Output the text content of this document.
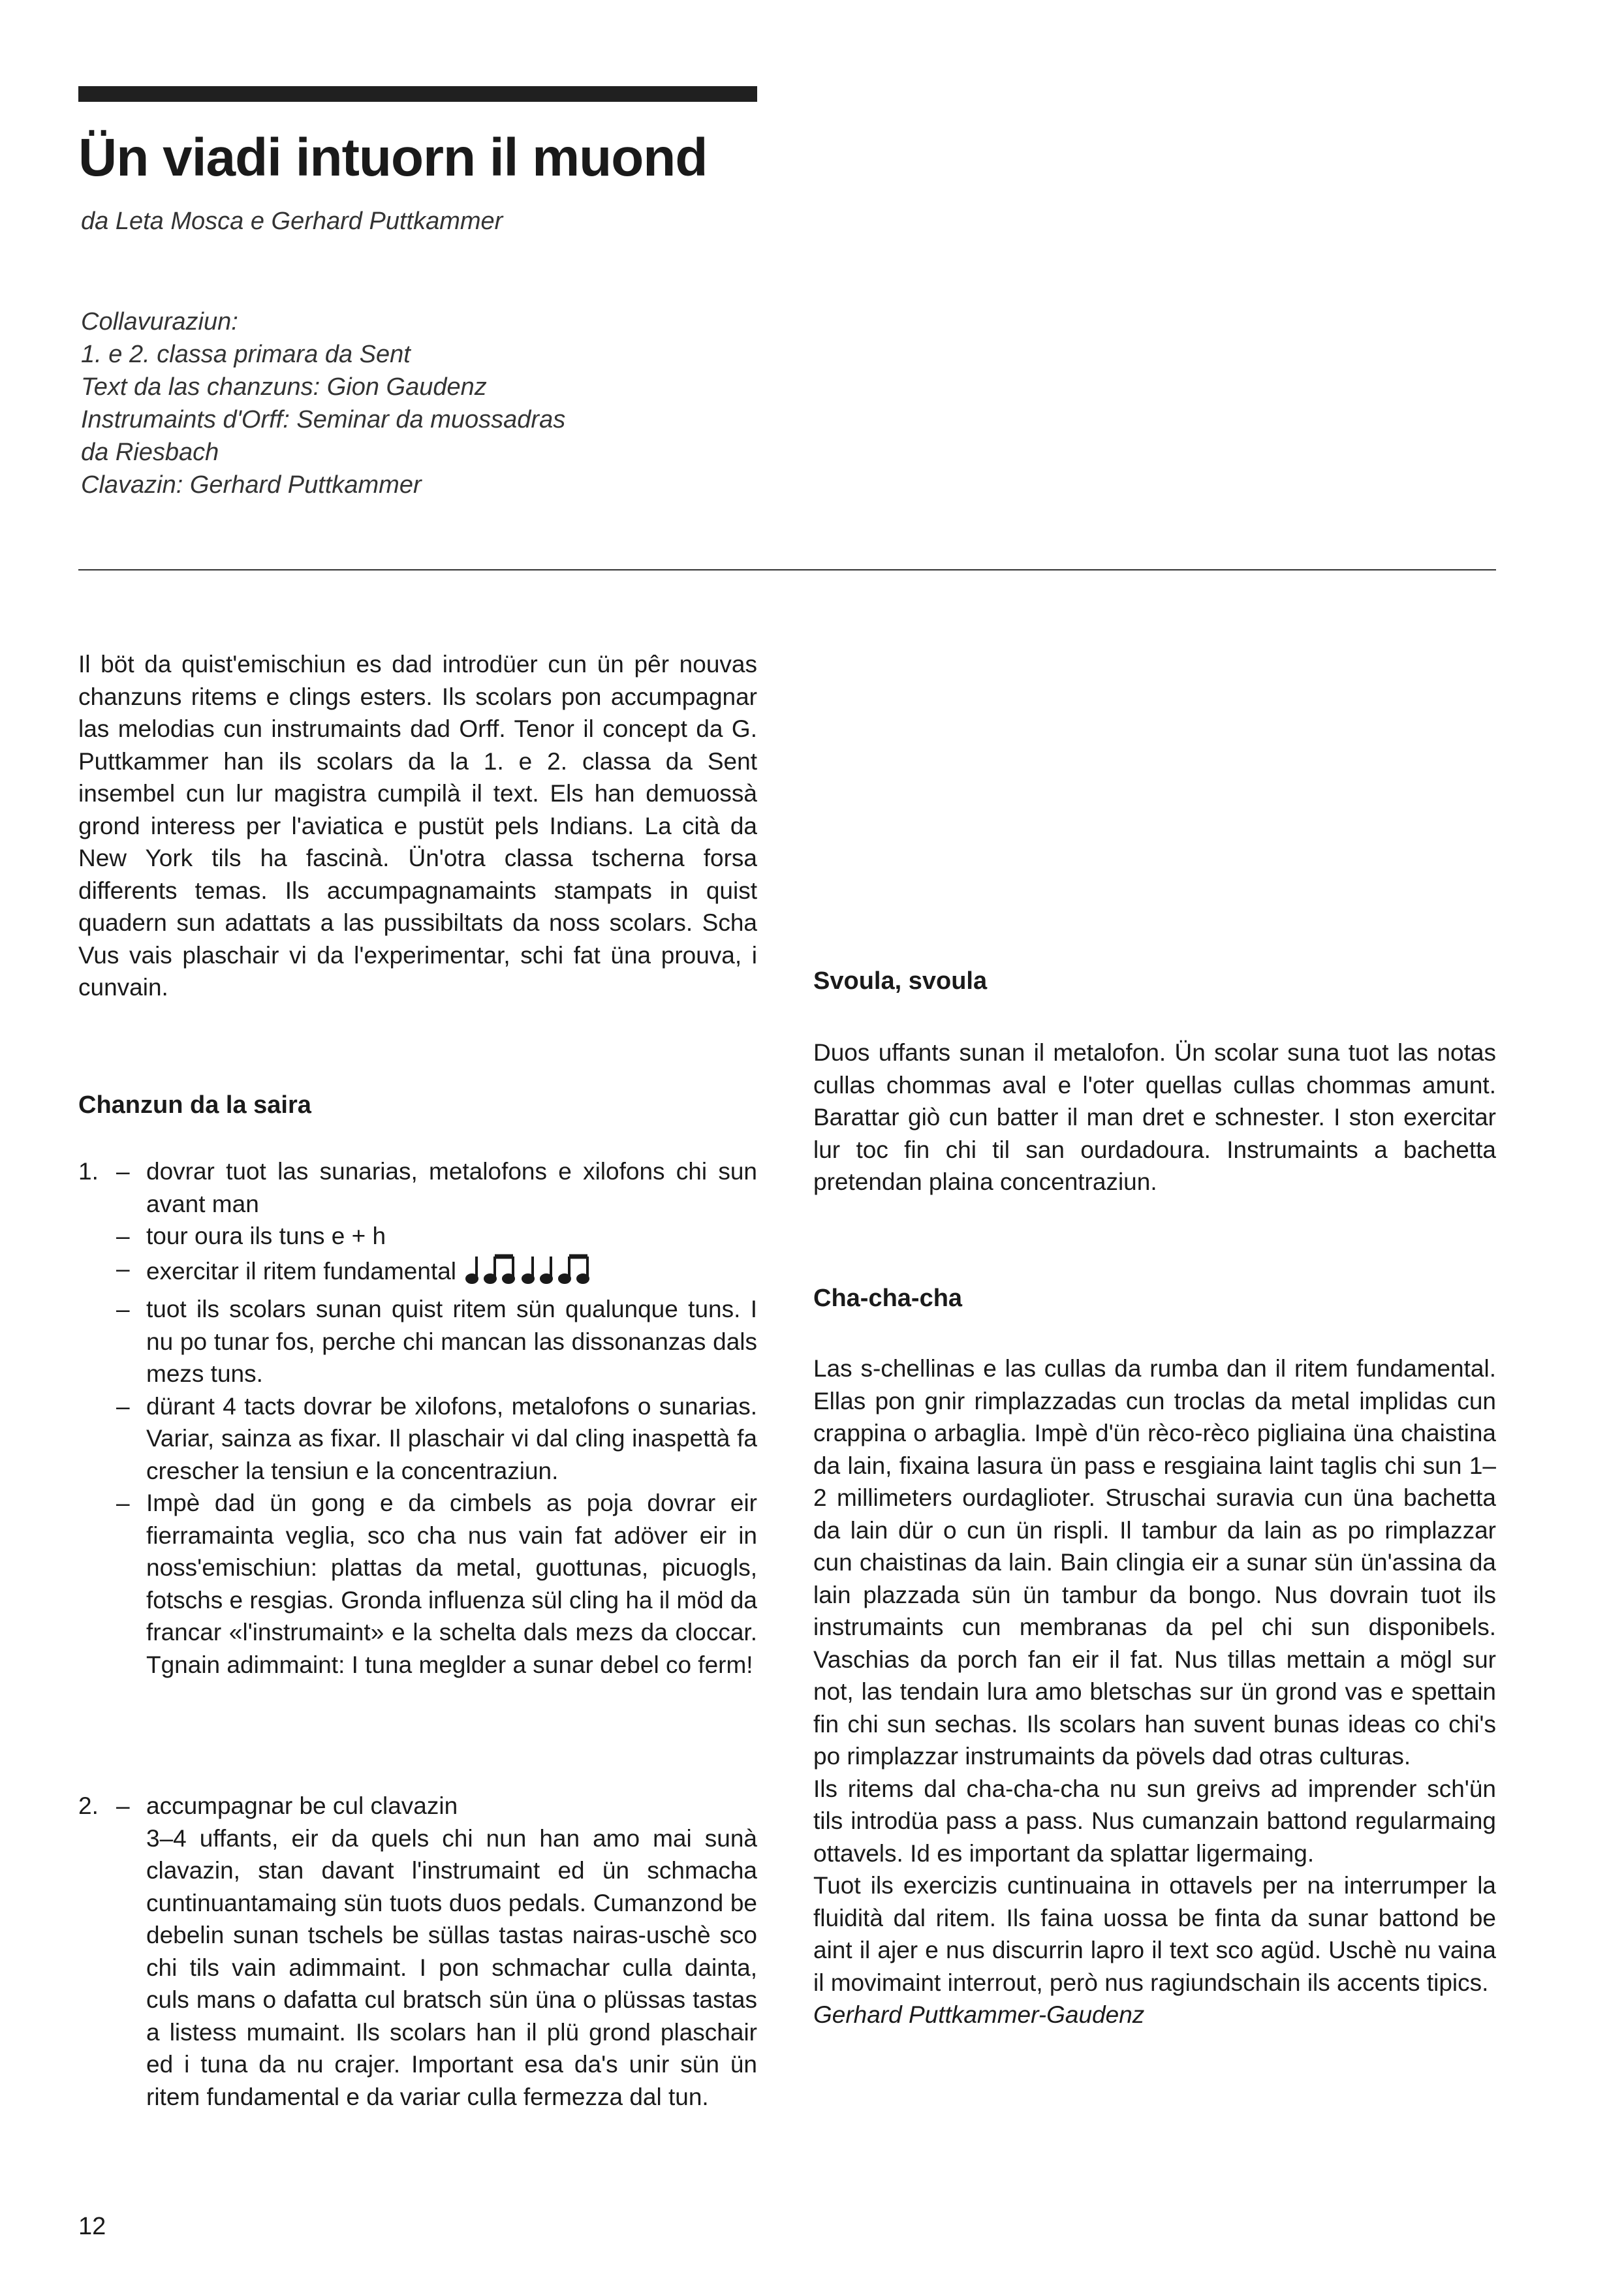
Ün viadi intuorn il muond
da Leta Mosca e Gerhard Puttkammer
Collavuraziun:
1. e 2. classa primara da Sent
Text da las chanzuns: Gion Gaudenz
Instrumaints d'Orff: Seminar da muossadras
da Riesbach
Clavazin: Gerhard Puttkammer

Il böt da quist'emischiun es dad introdüer cun ün pêr nouvas chanzuns ritems e clings esters. Ils scolars pon accumpagnar las melodias cun instrumaints dad Orff. Tenor il concept da G. Puttkammer han ils scolars da la 1. e 2. classa da Sent insembel cun lur magistra cumpilà il text. Els han demuossà grond interess per l'aviatica e pustüt pels Indians. La cità da New York tils ha fascinà. Ün'otra classa tscherna forsa differents temas. Ils accumpagnamaints stampats in quist quadern sun adattats a las pussibiltats da noss scolars. Scha Vus vais plaschair vi da l'experimentar, schi fat üna prouva, i cunvain.

Chanzun da la saira
1. – dovrar tuot las sunarias, metalofons e xilofons chi sun avant man
– tour oura ils tuns e + h
– exercitar il ritem fundamental
– tuot ils scolars sunan quist ritem sün qualunque tuns. I nu po tunar fos, perche chi mancan las dissonanzas dals mezs tuns.
– dürant 4 tacts dovrar be xilofons, metalofons o sunarias. Variar, sainza as fixar. Il plaschair vi dal cling inaspettà fa crescher la tensiun e la concentraziun.
– Impè dad ün gong e da cimbels as poja dovrar eir fierramainta veglia, sco cha nus vain fat adöver eir in noss'emischiun: plattas da metal, guottunas, picuogls, fotschs e resgias. Gronda influenza sül cling ha il möd da francar «l'instrumaint» e la schelta dals mezs da cloccar. Tgnain adimmaint: I tuna meglder a sunar debel co ferm!
2. – accumpagnar be cul clavazin
3–4 uffants, eir da quels chi nun han amo mai sunà clavazin, stan davant l'instrumaint ed ün schmacha cuntinuantamaing sün tuots duos pedals. Cumanzond be debelin sunan tschels be süllas tastas nairas-uschè sco chi tils vain adimmaint. I pon schmachar culla dainta, culs mans o dafatta cul bratsch sün üna o plüssas tastas a listess mumaint. Ils scolars han il plü grond plaschair ed i tuna da nu crajer. Important esa da's unir sün ün ritem fundamental e da variar culla fermezza dal tun.
Svoula, svoula

Duos uffants sunan il metalofon. Ün scolar suna tuot las notas cullas chommas aval e l'oter quellas cullas chommas amunt. Barattar giò cun batter il man dret e schnester. I ston exercitar lur toc fin chi til san ourdadoura. Instrumaints a bachetta pretendan plaina concentraziun.

Cha-cha-cha

Las s-chellinas e las cullas da rumba dan il ritem fundamental. Ellas pon gnir rimplazzadas cun troclas da metal implidas cun crappina o arbaglia. Impè d'ün rèco-rèco pigliaina üna chaistina da lain, fixaina lasura ün pass e resgiaina laint taglis chi sun 1–2 millimeters ourdaglioter. Struschai suravia cun üna bachetta da lain dür o cun ün rispli. Il tambur da lain as po rimplazzar cun chaistinas da lain. Bain clingia eir a sunar sün ün'assina da lain plazzada sün ün tambur da bongo. Nus dovrain tuot ils instrumaints cun membranas da pel chi sun disponibels. Vaschias da porch fan eir il fat. Nus tillas mettain a mögl sur not, las tendain lura amo bletschas sur ün grond vas e spettain fin chi sun sechas. Ils scolars han suvent bunas ideas co chi's po rimplazzar instrumaints da pövels dad otras culturas.

Ils ritems dal cha-cha-cha nu sun greivs ad imprender sch'ün tils introdüa pass a pass. Nus cumanzain battond regularmaing ottavels. Id es important da splattar ligermaing.

Tuot ils exercizis cuntinuaina in ottavels per na interrumper la fluidità dal ritem. Ils faina uossa be finta da sunar battond be aint il ajer e nus discurrin lapro il text sco agüd. Uschè nu vaina il movimaint interrout, però nus ragiundschain ils accents tipics.

Gerhard Puttkammer-Gaudenz

12
